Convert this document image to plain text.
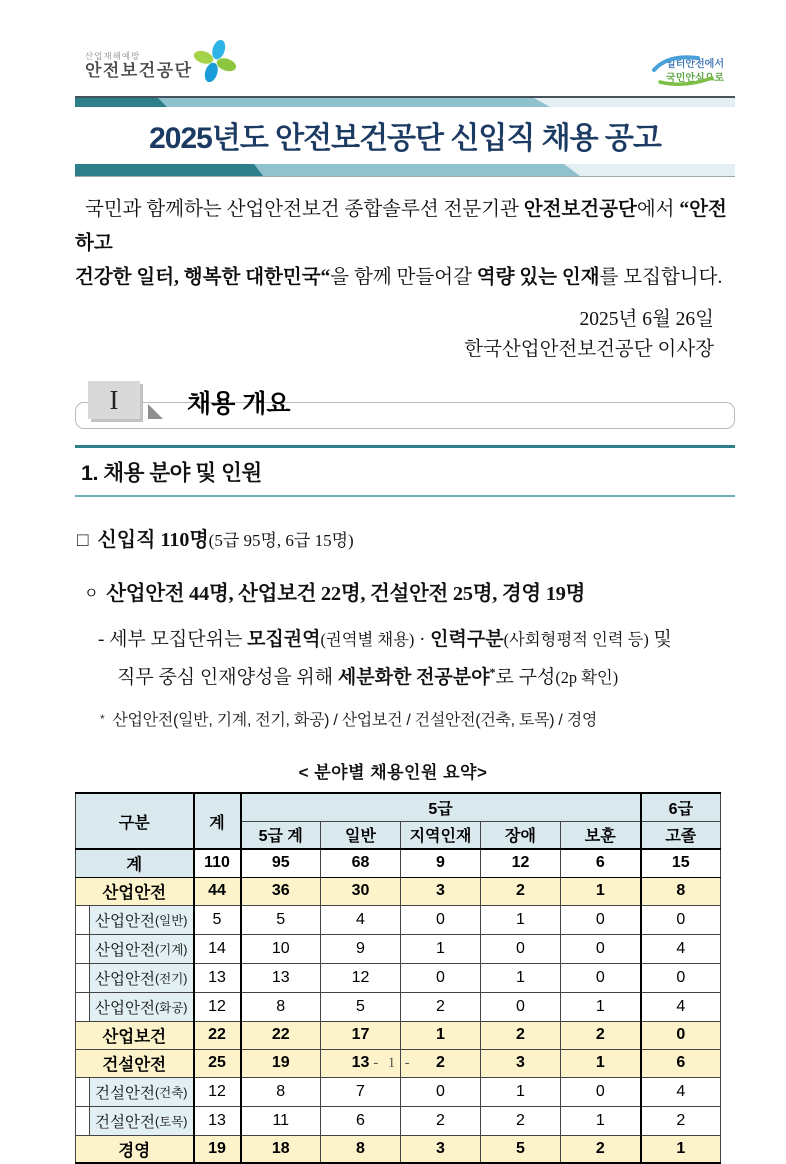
산업재해예방
안전보건공단	일터안전에서
국민안심으로
2025년도 안전보건공단 신입직 채용 공고

국민과 함께하는 산업안전보건 종합솔루션 전문기관 안전보건공단에서 “안전하고
건강한 일터, 행복한 대한민국“을 함께 만들어갈 역량 있는 인재를 모집합니다.

2025년 6월 26일
한국산업안전보건공단 이사장
I	채용 개요
1. 채용 분야 및 인원
□ 신입직 110명(5급 95명, 6급 15명)
ㅇ 산업안전 44명, 산업보건 22명, 건설안전 25명, 경영 19명
- 세부 모집단위는 모집권역(권역별 채용) · 인력구분(사회형평적 인력 등) 및
직무 중심 인재양성을 위해 세분화한 전공분야*로 구성(2p 확인)
* 산업안전(일반, 기계, 전기, 화공) / 산업보건 / 건설안전(건축, 토목) / 경영
< 분야별 채용인원 요약>
구분	계	5급					6급
		5급 계	일반	지역인재	장애	보훈	고졸
계	110	95	68	9	12	6	15
산업안전	44	36	30	3	2	1	8

산업안전 (일반)	5	5	4	0	1	0	0

산업안전 (기계)	14	10	9	1	0	0	4

산업안전 (전기)	13	13	12	0	1	0	0

산업안전 (화공)	12	8	5	2	0	1	4
산업보건	22	22	17	1	2	2	0
건설안전	25	19	13	2	3	1	6

건설안전 (건축)	12	8	7	0	1	0	4

건설안전 (토목)	13	11	6	2	2	1	2
경영	19	18	8	3	5	2	1
- 1 -
